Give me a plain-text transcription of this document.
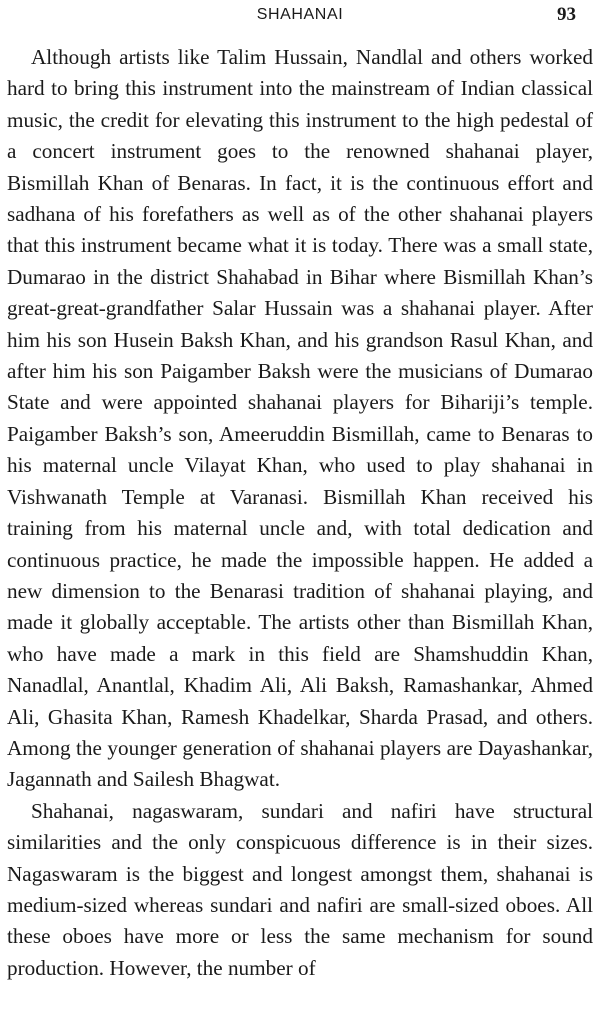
SHAHANAI	93

Although artists like Talim Hussain, Nandlal and others worked hard to bring this instrument into the mainstream of Indian classical music, the credit for elevating this instrument to the high pedestal of a concert instrument goes to the renowned shahanai player, Bismillah Khan of Benaras. In fact, it is the continuous effort and sadhana of his forefathers as well as of the other shahanai players that this instrument became what it is today. There was a small state, Dumarao in the district Shahabad in Bihar where Bismillah Khan’s great-great-grandfather Salar Hussain was a shahanai player. After him his son Husein Baksh Khan, and his grandson Rasul Khan, and after him his son Paigamber Baksh were the musicians of Dumarao State and were appointed shahanai players for Bihariji’s temple. Paigamber Baksh’s son, Ameeruddin Bismillah, came to Benaras to his maternal uncle Vilayat Khan, who used to play shahanai in Vishwanath Temple at Varanasi. Bismillah Khan received his training from his maternal uncle and, with total dedication and continuous practice, he made the impossible happen. He added a new dimension to the Benarasi tradition of shahanai playing, and made it globally acceptable. The artists other than Bismillah Khan, who have made a mark in this field are Shamshuddin Khan, Nanadlal, Anantlal, Khadim Ali, Ali Baksh, Ramashankar, Ahmed Ali, Ghasita Khan, Ramesh Khadelkar, Sharda Prasad, and others. Among the younger generation of shahanai players are Dayashankar, Jagannath and Sailesh Bhagwat.

Shahanai, nagaswaram, sundari and nafiri have structural similarities and the only conspicuous difference is in their sizes. Nagaswaram is the biggest and longest amongst them, shahanai is medium-sized whereas sundari and nafiri are small-sized oboes. All these oboes have more or less the same mechanism for sound production. However, the number of
